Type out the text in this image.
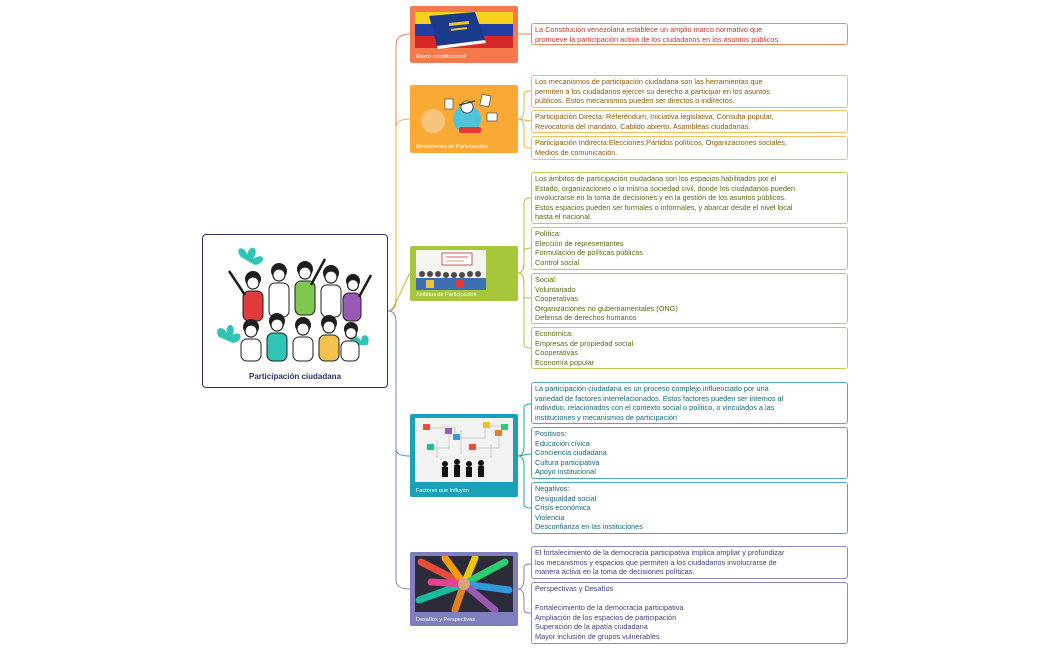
Participación ciudadana
Marco constitucional
Mecanismos de Participación
Ámbitos de Participación
Factores que Influyen
Desafíos y Perspectivas
La Constitución venezolana establece un amplio marco normativo que
promueve la participación activa de los ciudadanos en los asuntos públicos.
Los mecanismos de participación ciudadana son las herramientas que
permiten a los ciudadanos ejercer su derecho a participar en los asuntos
públicos. Estos mecanismos pueden ser directos o indirectos.
Participación Directa: Referéndum, Iniciativa legislativa, Consulta popular,
Revocatoria del mandato, Cabildo abierto, Asambleas ciudadanas.
Participación Indirecta:Elecciones,Partidos políticos, Organizaciones sociales,
Medios de comunicación.
Los ámbitos de participación ciudadana son los espacios habilitados por el
Estado, organizaciones o la misma sociedad civil, donde los ciudadanos pueden
involucrarse en la toma de decisiones y en la gestión de los asuntos públicos.
Estos espacios pueden ser formales o informales, y abarcar desde el nivel local
hasta el nacional.
Política:
Elección de representantes
Formulación de políticas públicas
Control social
Social:
Voluntariado
Cooperativas
Organizaciones no gubernamentales (ONG)
Defensa de derechos humanos
Económica:
Empresas de propiedad social
Cooperativas
Economía popular
La participación ciudadana es un proceso complejo influenciado por una
variedad de factores interrelacionados. Estos factores pueden ser internos al
individuo, relacionados con el contexto social o político, o vinculados a las
instituciones y mecanismos de participación
Positivos:
Educación cívica
Conciencia ciudadana
Cultura participativa
Apoyo institucional
Negativos:
Desigualdad social
Crisis económica
Violencia
Desconfianza en las instituciones
El fortalecimiento de la democracia participativa implica ampliar y profundizar
los mecanismos y espacios que permiten a los ciudadanos involucrarse de
manera activa en la toma de decisiones políticas.
Perspectivas y Desafíos

Fortalecimiento de la democracia participativa
Ampliación de los espacios de participación
Superación de la apatía ciudadana
Mayor inclusión de grupos vulnerables
